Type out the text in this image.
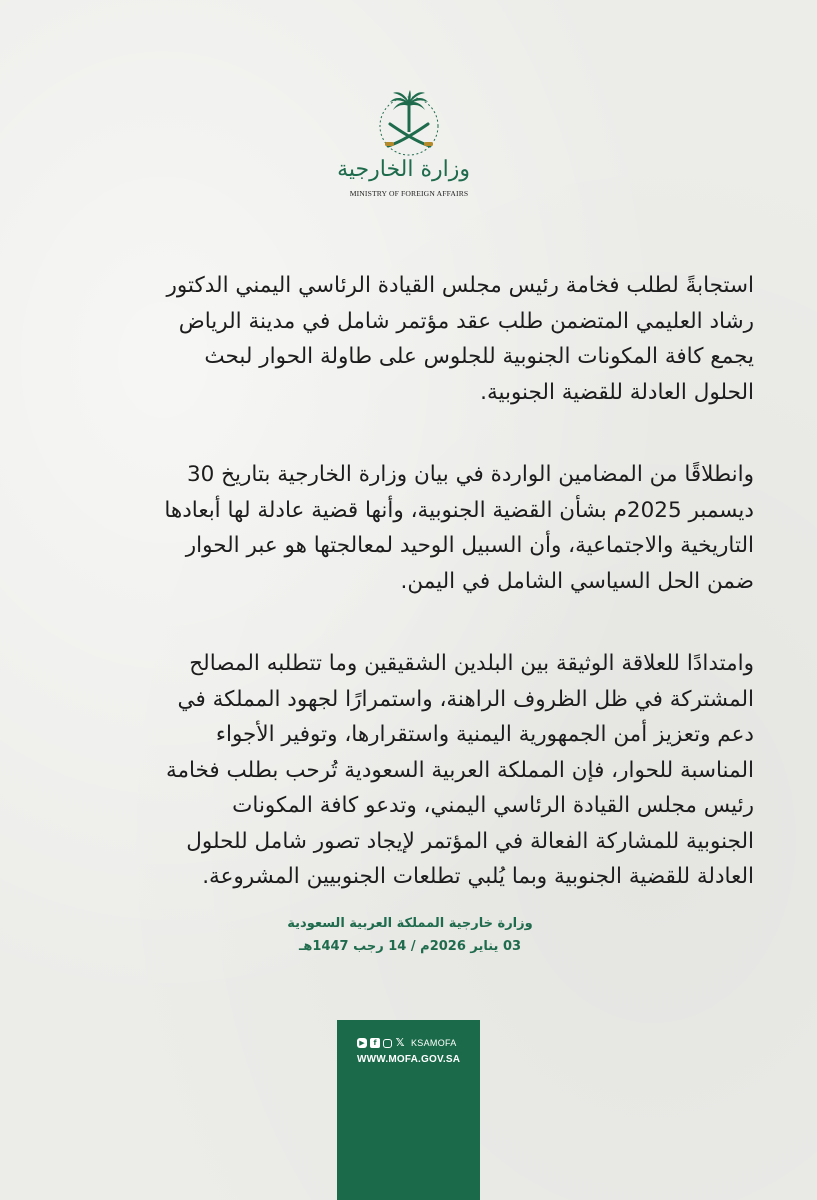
وزارة الخارجية
MINISTRY OF FOREIGN AFFAIRS

استجابةً لطلب فخامة رئيس مجلس القيادة الرئاسي اليمني الدكتور
رشاد العليمي المتضمن طلب عقد مؤتمر شامل في مدينة الرياض
يجمع كافة المكونات الجنوبية للجلوس على طاولة الحوار لبحث
الحلول العادلة للقضية الجنوبية.

وانطلاقًا من المضامين الواردة في بيان وزارة الخارجية بتاريخ 30
ديسمبر 2025م بشأن القضية الجنوبية، وأنها قضية عادلة لها أبعادها
التاريخية والاجتماعية، وأن السبيل الوحيد لمعالجتها هو عبر الحوار
ضمن الحل السياسي الشامل في اليمن.

وامتدادًا للعلاقة الوثيقة بين البلدين الشقيقين وما تتطلبه المصالح
المشتركة في ظل الظروف الراهنة، واستمرارًا لجهود المملكة في
دعم وتعزيز أمن الجمهورية اليمنية واستقرارها، وتوفير الأجواء
المناسبة للحوار، فإن المملكة العربية السعودية تُرحب بطلب فخامة
رئيس مجلس القيادة الرئاسي اليمني، وتدعو كافة المكونات
الجنوبية للمشاركة الفعالة في المؤتمر لإيجاد تصور شامل للحلول
العادلة للقضية الجنوبية وبما يُلبي تطلعات الجنوبيين المشروعة.

وزارة خارجية المملكة العربية السعودية
03 يناير 2026م / 14 رجب 1447هـ
▶	f	𝕏 KSAMOFA
WWW.MOFA.GOV.SA
